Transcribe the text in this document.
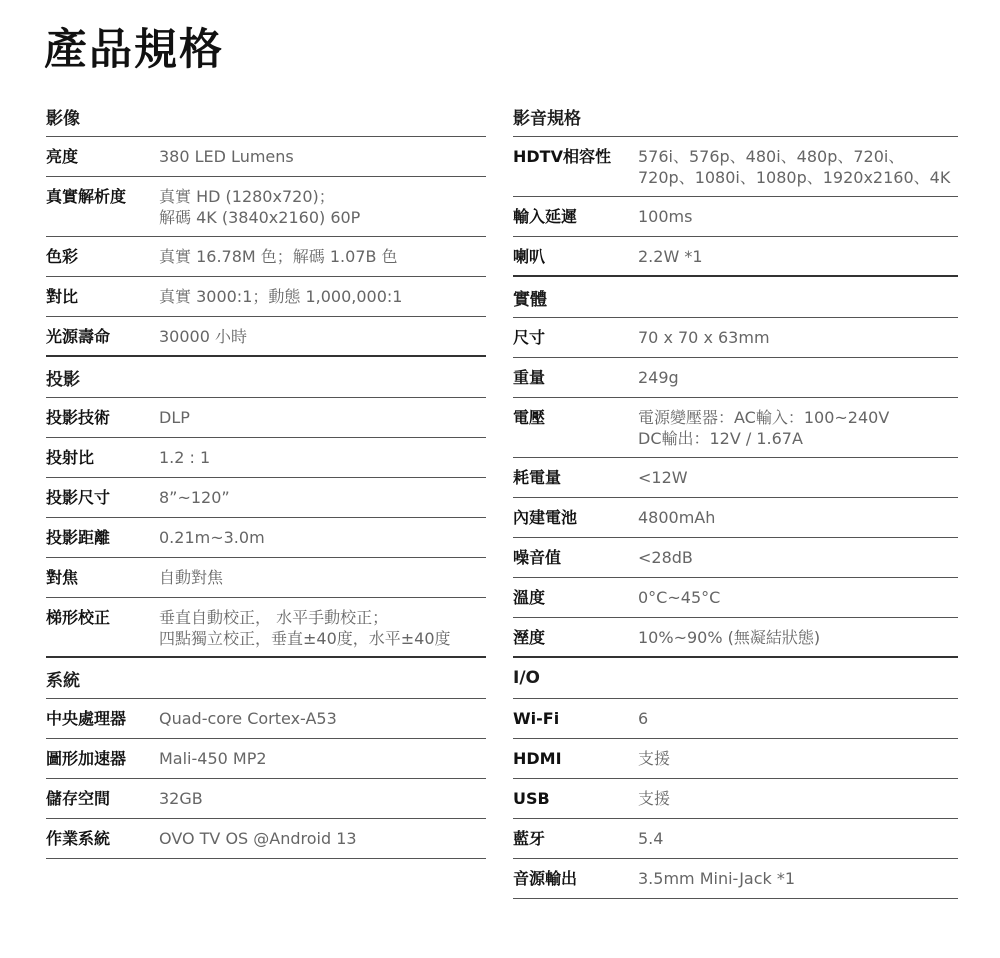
產品規格
影像
亮度	380 LED Lumens
真實解析度	真實 HD (1280x720)；
解碼 4K (3840x2160) 60P
色彩	真實 16.78M 色；解碼 1.07B 色
對比	真實 3000:1；動態 1,000,000:1
光源壽命	30000 小時
投影
投影技術	DLP
投射比	1.2 : 1
投影尺寸	8”~120”
投影距離	0.21m~3.0m
對焦	自動對焦
梯形校正	垂直自動校正， 水平手動校正；
四點獨立校正，垂直±40度，水平±40度
系統
中央處理器	Quad-core Cortex-A53
圖形加速器	Mali-450 MP2
儲存空間	32GB
作業系統	OVO TV OS @Android 13
影音規格
HDTV相容性	576i、576p、480i、480p、720i、
720p、1080i、1080p、1920x2160、4K
輸入延遲	100ms
喇叭	2.2W *1
實體
尺寸	70 x 70 x 63mm
重量	249g
電壓	電源變壓器：AC輸入：100~240V
DC輸出：12V / 1.67A
耗電量	<12W
內建電池	4800mAh
噪音值	<28dB
溫度	0°C~45°C
溼度	10%~90% (無凝結狀態)
I/O
Wi-Fi	6
HDMI	支援
USB	支援
藍牙	5.4
音源輸出	3.5mm Mini-Jack *1
